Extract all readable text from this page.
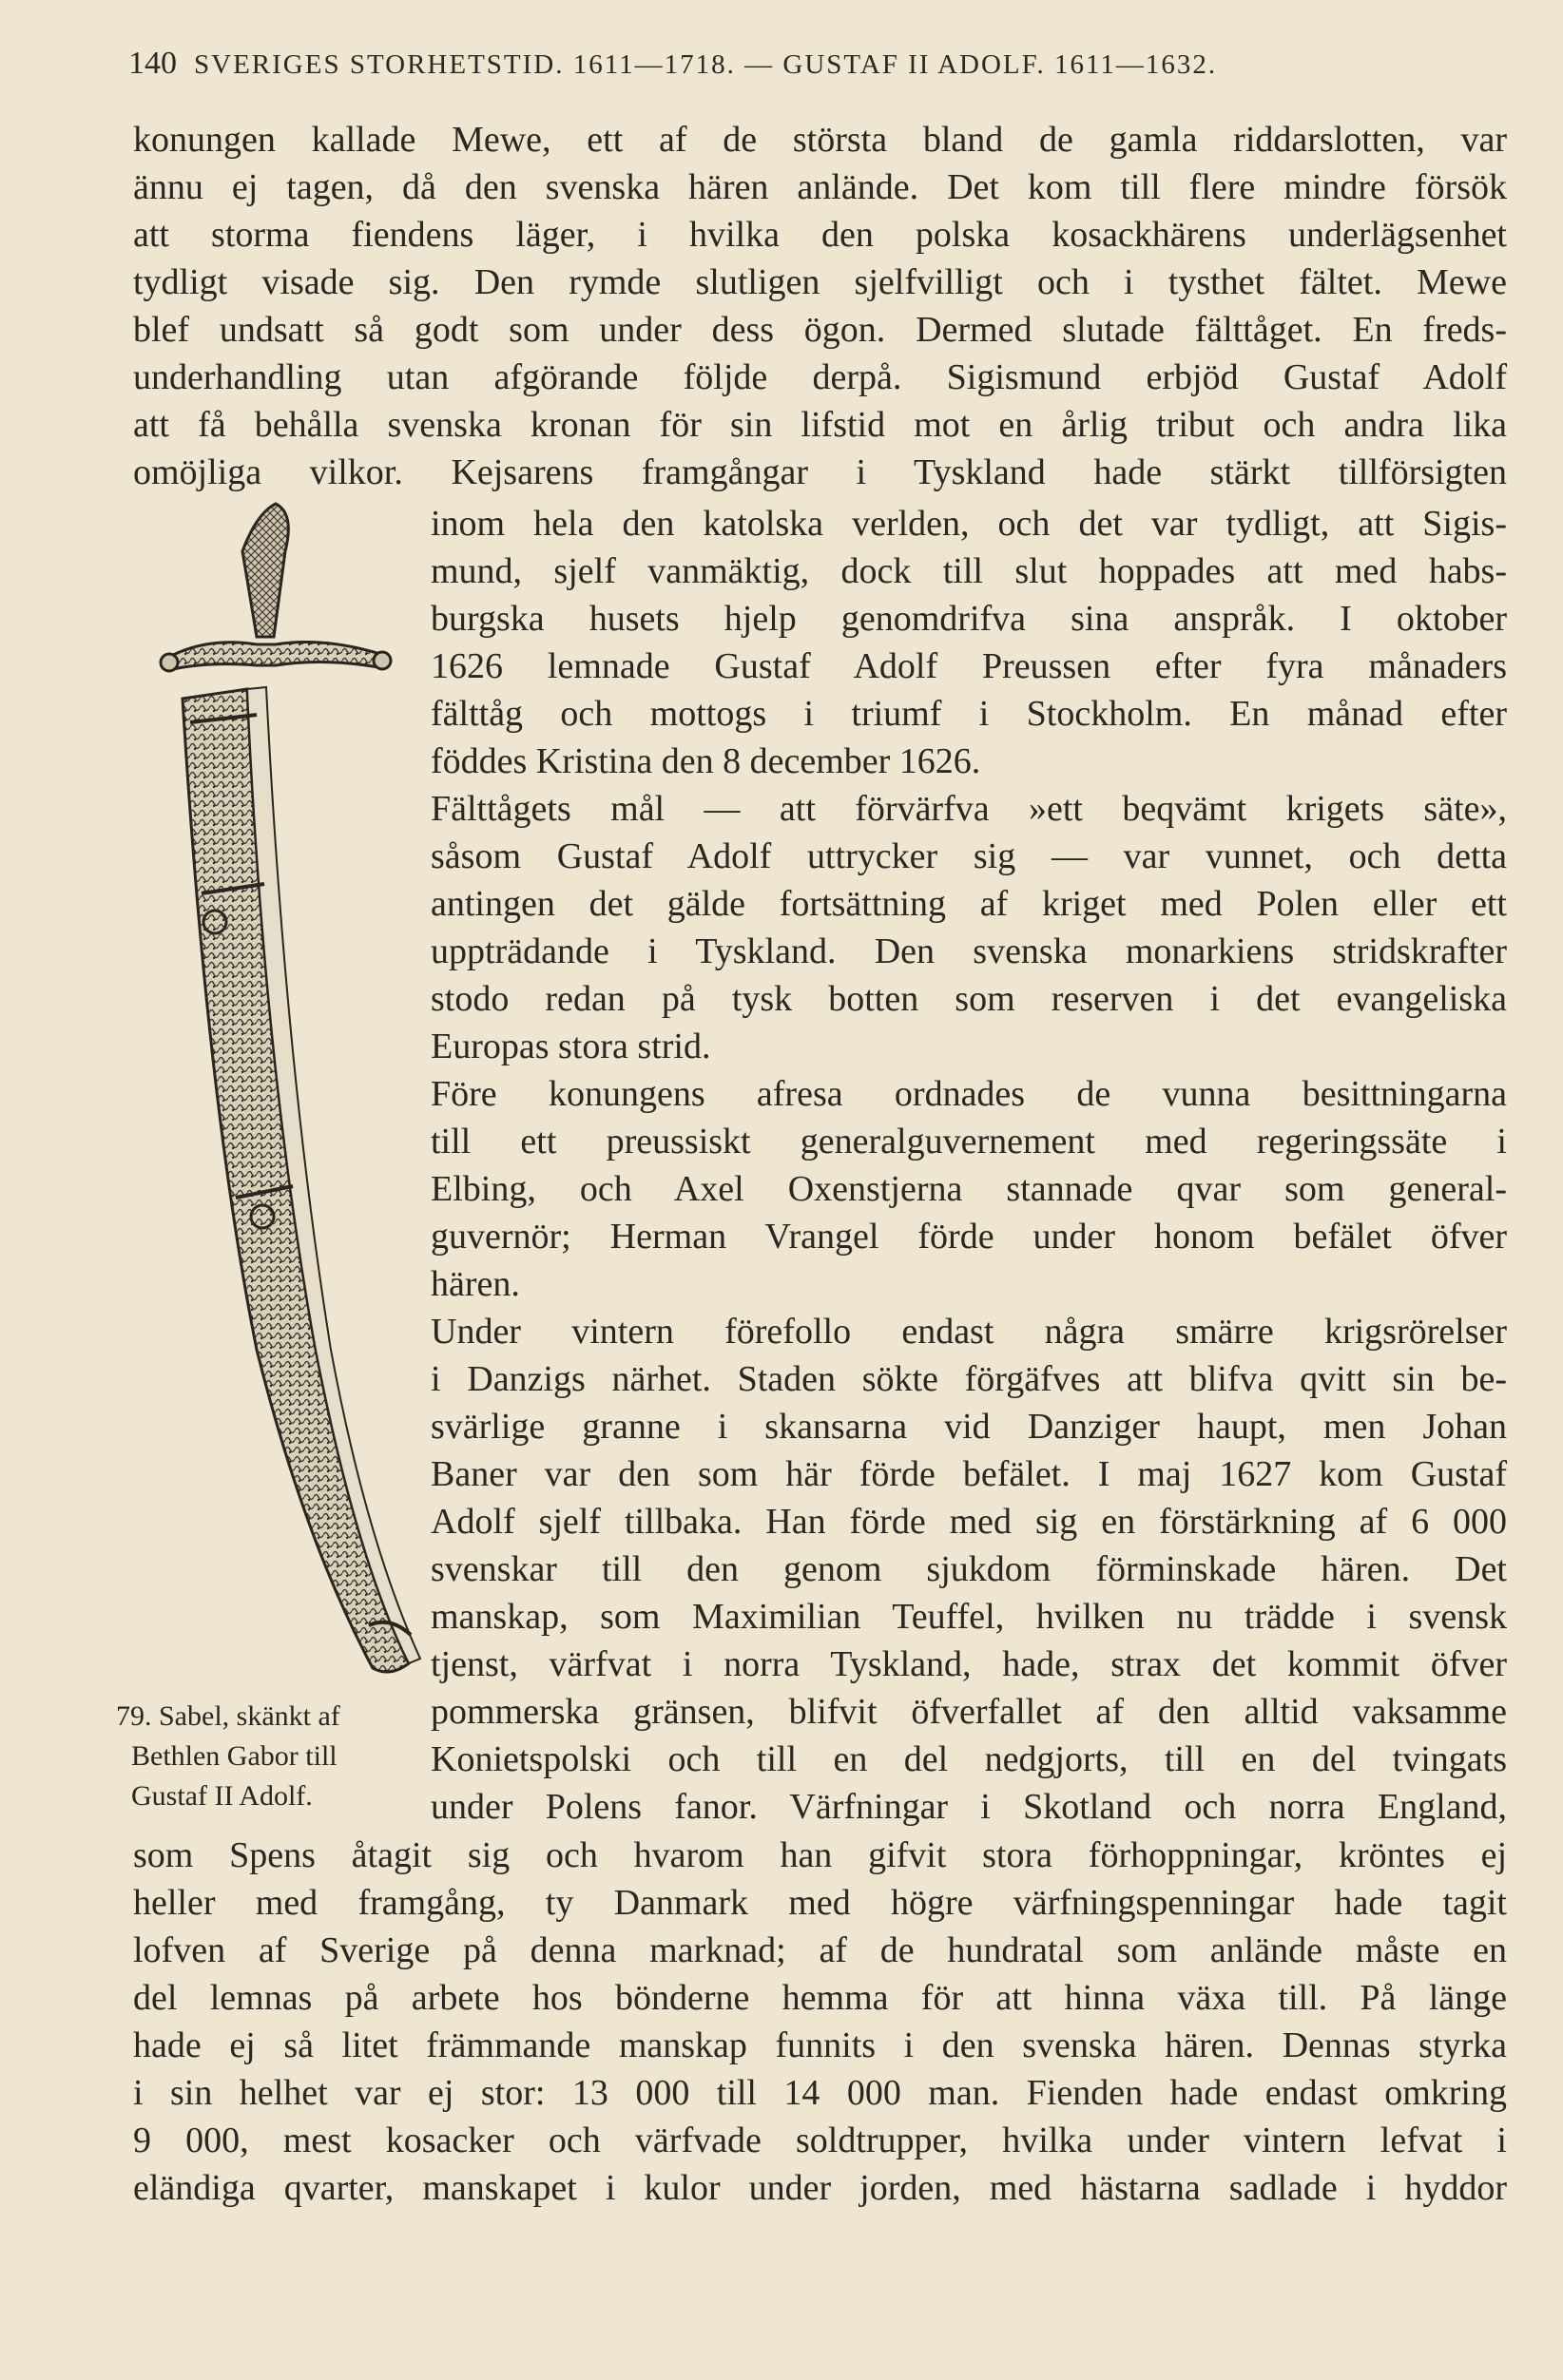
140 SVERIGES STORHETSTID. 1611—1718. — GUSTAF II ADOLF. 1611—1632.
konungen kallade Mewe, ett af de största bland de gamla riddarslotten, var
ännu ej tagen, då den svenska hären anlände. Det kom till flere mindre försök
att storma fiendens läger, i hvilka den polska kosackhärens underlägsenhet
tydligt visade sig. Den rymde slutligen sjelfvilligt och i tysthet fältet. Mewe
blef undsatt så godt som under dess ögon. Dermed slutade fälttåget. En freds-
underhandling utan afgörande följde derpå. Sigismund erbjöd Gustaf Adolf
att få behålla svenska kronan för sin lifstid mot en årlig tribut och andra lika
omöjliga vilkor. Kejsarens framgångar i Tyskland hade stärkt tillförsigten
inom hela den katolska verlden, och det var tydligt, att Sigis-
mund, sjelf vanmäktig, dock till slut hoppades att med habs-
burgska husets hjelp genomdrifva sina anspråk. I oktober
1626 lemnade Gustaf Adolf Preussen efter fyra månaders
fälttåg och mottogs i triumf i Stockholm. En månad efter
föddes Kristina den 8 december 1626.
Fälttågets mål — att förvärfva »ett beqvämt krigets säte»,
såsom Gustaf Adolf uttrycker sig — var vunnet, och detta
antingen det gälde fortsättning af kriget med Polen eller ett
uppträdande i Tyskland. Den svenska monarkiens stridskrafter
stodo redan på tysk botten som reserven i det evangeliska
Europas stora strid.
Före konungens afresa ordnades de vunna besittningarna
till ett preussiskt generalguvernement med regeringssäte i
Elbing, och Axel Oxenstjerna stannade qvar som general-
guvernör; Herman Vrangel förde under honom befälet öfver
hären.
Under vintern förefollo endast några smärre krigsrörelser
i Danzigs närhet. Staden sökte förgäfves att blifva qvitt sin be-
svärlige granne i skansarna vid Danziger haupt, men Johan
Baner var den som här förde befälet. I maj 1627 kom Gustaf
Adolf sjelf tillbaka. Han förde med sig en förstärkning af 6 000
svenskar till den genom sjukdom förminskade hären. Det
manskap, som Maximilian Teuffel, hvilken nu trädde i svensk
tjenst, värfvat i norra Tyskland, hade, strax det kommit öfver
pommerska gränsen, blifvit öfverfallet af den alltid vaksamme
Konietspolski och till en del nedgjorts, till en del tvingats
under Polens fanor. Värfningar i Skotland och norra England,
som Spens åtagit sig och hvarom han gifvit stora förhoppningar, kröntes ej
heller med framgång, ty Danmark med högre värfningspenningar hade tagit
lofven af Sverige på denna marknad; af de hundratal som anlände måste en
del lemnas på arbete hos bönderne hemma för att hinna växa till. På länge
hade ej så litet främmande manskap funnits i den svenska hären. Dennas styrka
i sin helhet var ej stor: 13 000 till 14 000 man. Fienden hade endast omkring
9 000, mest kosacker och värfvade soldtrupper, hvilka under vintern lefvat i
eländiga qvarter, manskapet i kulor under jorden, med hästarna sadlade i hyddor
79. Sabel, skänkt af
Bethlen Gabor till
Gustaf II Adolf.
